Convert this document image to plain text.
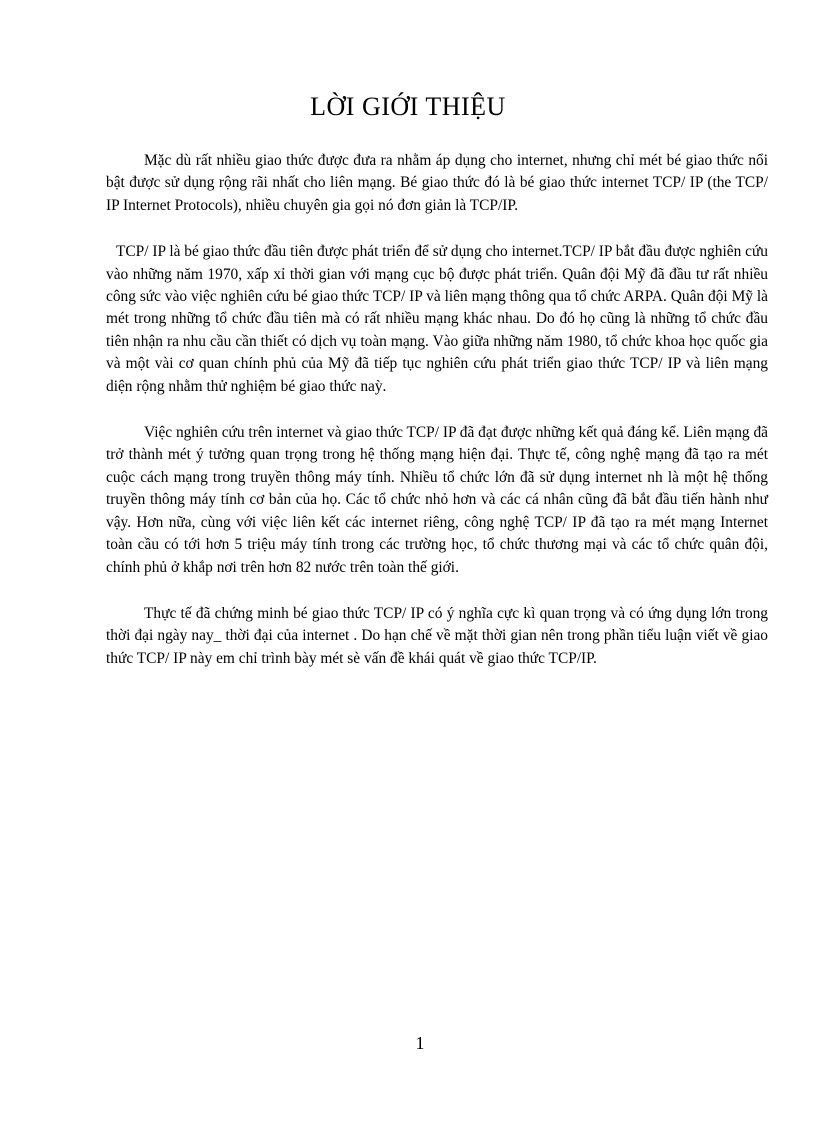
LỜI GIỚI THIỆU

Mặc dù rất nhiều giao thức được đưa ra nhằm áp dụng cho internet, nhưng chỉ mét bé giao thức nổi bật được sử dụng rộng rãi nhất cho liên mạng. Bé giao thức đó là bé giao thức internet TCP/ IP (the TCP/ IP Internet Protocols), nhiều chuyên gia gọi nó đơn giản là TCP/IP.

TCP/ IP là bé giao thức đầu tiên được phát triển để sử dụng cho internet.TCP/ IP bắt đầu được nghiên cứu vào những năm 1970, xấp xỉ thời gian với mạng cục bộ được phát triển. Quân đội Mỹ đã đầu tư rất nhiều công sức vào việc nghiên cứu bé giao thức TCP/ IP và liên mạng thông qua tổ chức ARPA. Quân đội Mỹ là mét trong những tổ chức đầu tiên mà có rất nhiều mạng khác nhau. Do đó họ cũng là những tổ chức đầu tiên nhận ra nhu cầu cần thiết có dịch vụ toàn mạng. Vào giữa những năm 1980, tổ chức khoa học quốc gia và một vài cơ quan chính phủ của Mỹ đã tiếp tục nghiên cứu phát triển giao thức TCP/ IP và liên mạng diện rộng nhằm thử nghiệm bé giao thức naỳ.

Việc nghiên cứu trên internet và giao thức TCP/ IP đã đạt được những kết quả đáng kể. Liên mạng đã trở thành mét ý tưởng quan trọng trong hệ thống mạng hiện đại. Thực tế, công nghệ mạng đã tạo ra mét cuộc cách mạng trong truyền thông máy tính. Nhiều tổ chức lớn đã sử dụng internet nh là một hệ thống truyền thông máy tính cơ bản của họ. Các tổ chức nhỏ hơn và các cá nhân cũng đã bắt đầu tiến hành như vậy. Hơn nữa, cùng với việc liên kết các internet riêng, công nghệ TCP/ IP đã tạo ra mét mạng Internet toàn cầu có tới hơn 5 triệu máy tính trong các trường học, tổ chức thương mại và các tổ chức quân đội, chính phủ ở khắp nơi trên hơn 82 nước trên toàn thế giới.

Thực tế đã chứng minh bé giao thức TCP/ IP có ý nghĩa cực kì quan trọng và có ứng dụng lớn trong thời đại ngày nay_ thời đại của internet . Do hạn chế về mặt thời gian nên trong phần tiểu luận viết về giao thức TCP/ IP này em chỉ trình bày mét sè vấn đề khái quát về giao thức TCP/IP.

1
